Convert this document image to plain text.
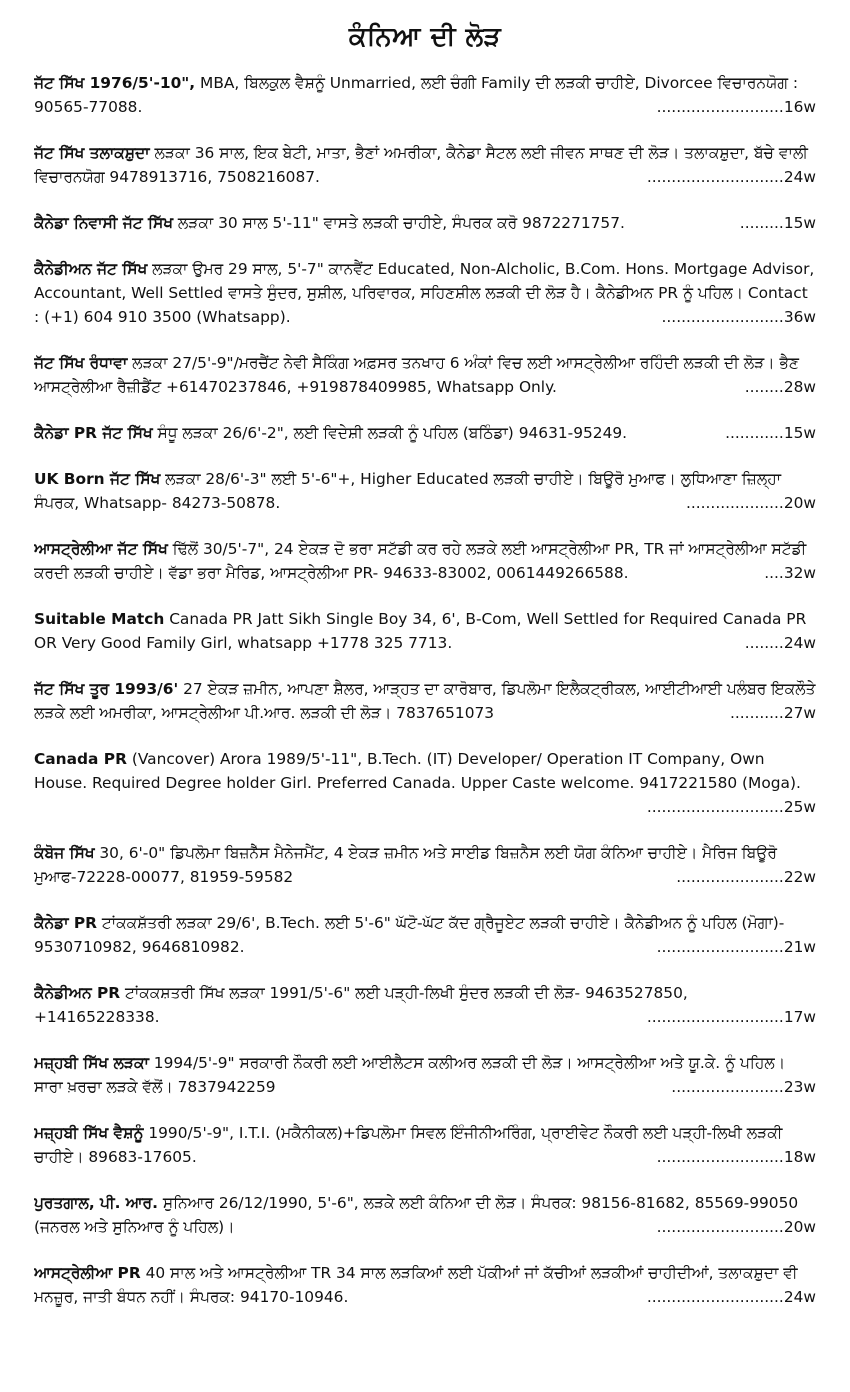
ਕੰਨਿਆ ਦੀ ਲੋੜ
ਜੱਟ ਸਿੱਖ 1976/5'-10", MBA, ਬਿਲਕੁਲ ਵੈਸ਼ਨੂੰ Unmarried, ਲਈ ਚੰਗੀ Family ਦੀ ਲੜਕੀ ਚਾਹੀਏ, Divorcee ਵਿਚਾਰਨਯੋਗ : 90565-77088.	..........................16w
ਜੱਟ ਸਿੱਖ ਤਲਾਕਸ਼ੁਦਾ ਲੜਕਾ 36 ਸਾਲ, ਇਕ ਬੇਟੀ, ਮਾਤਾ, ਭੈਣਾਂ ਅਮਰੀਕਾ, ਕੈਨੇਡਾ ਸੈਟਲ ਲਈ ਜੀਵਨ ਸਾਥਣ ਦੀ ਲੋੜ। ਤਲਾਕਸ਼ੁਦਾ, ਬੱਚੇ ਵਾਲੀ ਵਿਚਾਰਨਯੋਗ 9478913716, 7508216087.	............................24w
ਕੈਨੇਡਾ ਨਿਵਾਸੀ ਜੱਟ ਸਿੱਖ ਲੜਕਾ 30 ਸਾਲ 5'-11" ਵਾਸਤੇ ਲੜਕੀ ਚਾਹੀਏ, ਸੰਪਰਕ ਕਰੋ 9872271757.	.........15w
ਕੈਨੇਡੀਅਨ ਜੱਟ ਸਿੱਖ ਲੜਕਾ ਉਮਰ 29 ਸਾਲ, 5'-7" ਕਾਨਵੈਂਟ Educated, Non-Alcholic, B.Com. Hons. Mortgage Advisor, Accountant, Well Settled ਵਾਸਤੇ ਸੁੰਦਰ, ਸੁਸ਼ੀਲ, ਪਰਿਵਾਰਕ, ਸਹਿਣਸ਼ੀਲ ਲੜਕੀ ਦੀ ਲੋੜ ਹੈ। ਕੈਨੇਡੀਅਨ PR ਨੂੰ ਪਹਿਲ। Contact : (+1) 604 910 3500 (Whatsapp).	.........................36w
ਜੱਟ ਸਿੱਖ ਰੰਧਾਵਾ ਲੜਕਾ 27/5'-9"/ਮਰਚੈਂਟ ਨੇਵੀ ਸੈਕਿੰਗ ਅਫ਼ਸਰ ਤਨਖਾਹ 6 ਅੰਕਾਂ ਵਿਚ ਲਈ ਆਸਟ੍ਰੇਲੀਆ ਰਹਿੰਦੀ ਲੜਕੀ ਦੀ ਲੋੜ। ਭੈਣ ਆਸਟ੍ਰੇਲੀਆ ਰੈਜ਼ੀਡੈਂਟ +61470237846, +919878409985, Whatsapp Only.	........28w
ਕੈਨੇਡਾ PR ਜੱਟ ਸਿੱਖ ਸੰਧੂ ਲੜਕਾ 26/6'-2", ਲਈ ਵਿਦੇਸ਼ੀ ਲੜਕੀ ਨੂੰ ਪਹਿਲ (ਬਠਿੰਡਾ) 94631-95249.	............15w
UK Born ਜੱਟ ਸਿੱਖ ਲੜਕਾ 28/6'-3" ਲਈ 5'-6"+, Higher Educated ਲੜਕੀ ਚਾਹੀਏ। ਬਿਊਰੋ ਮੁਆਫ। ਲੁਧਿਆਣਾ ਜ਼ਿਲ੍ਹਾ ਸੰਪਰਕ, Whatsapp- 84273-50878.	....................20w
ਆਸਟ੍ਰੇਲੀਆ ਜੱਟ ਸਿੱਖ ਢਿੱਲੋਂ 30/5'-7", 24 ਏਕੜ ਦੋ ਭਰਾ ਸਟੱਡੀ ਕਰ ਰਹੇ ਲੜਕੇ ਲਈ ਆਸਟ੍ਰੇਲੀਆ PR, TR ਜਾਂ ਆਸਟ੍ਰੇਲੀਆ ਸਟੱਡੀ ਕਰਦੀ ਲੜਕੀ ਚਾਹੀਏ। ਵੱਡਾ ਭਰਾ ਮੈਰਿਡ, ਆਸਟ੍ਰੇਲੀਆ PR- 94633-83002, 0061449266588.	....32w
Suitable Match Canada PR Jatt Sikh Single Boy 34, 6', B-Com, Well Settled for Required Canada PR OR Very Good Family Girl, whatsapp +1778 325 7713.	........24w
ਜੱਟ ਸਿੱਖ ਤੂਰ 1993/6' 27 ਏਕੜ ਜ਼ਮੀਨ, ਆਪਣਾ ਸ਼ੈਲਰ, ਆੜ੍ਹਤ ਦਾ ਕਾਰੋਬਾਰ, ਡਿਪਲੋਮਾ ਇਲੈਕਟ੍ਰੀਕਲ, ਆਈਟੀਆਈ ਪਲੰਬਰ ਇਕਲੌਤੇ ਲੜਕੇ ਲਈ ਅਮਰੀਕਾ, ਆਸਟ੍ਰੇਲੀਆ ਪੀ.ਆਰ. ਲੜਕੀ ਦੀ ਲੋੜ। 7837651073	...........27w
Canada PR (Vancover) Arora 1989/5'-11", B.Tech. (IT) Developer/ Operation IT Company, Own House. Required Degree holder Girl. Preferred Canada. Upper Caste welcome. 9417221580 (Moga).
............................25w
ਕੰਬੋਜ ਸਿੱਖ 30, 6'-0" ਡਿਪਲੋਮਾ ਬਿਜ਼ਨੈੱਸ ਮੈਨੇਜਮੈਂਟ, 4 ਏਕੜ ਜ਼ਮੀਨ ਅਤੇ ਸਾਈਡ ਬਿਜ਼ਨੈਸ ਲਈ ਯੋਗ ਕੰਨਿਆ ਚਾਹੀਏ। ਮੈਰਿਜ ਬਿਊਰੋ ਮੁਆਫ-72228-00077, 81959-59582	......................22w
ਕੈਨੇਡਾ PR ਟਾਂਕਕਸ਼ੱਤਰੀ ਲੜਕਾ 29/6', B.Tech. ਲਈ 5'-6" ਘੱਟੋ-ਘੱਟ ਕੱਦ ਗ੍ਰੈਜੂਏਟ ਲੜਕੀ ਚਾਹੀਏ। ਕੈਨੇਡੀਅਨ ਨੂੰ ਪਹਿਲ (ਮੋਗਾ)- 9530710982, 9646810982.	..........................21w
ਕੈਨੇਡੀਅਨ PR ਟਾਂਕਕਸ਼ਤਰੀ ਸਿੱਖ ਲੜਕਾ 1991/5'-6" ਲਈ ਪੜ੍ਹੀ-ਲਿਖੀ ਸੁੰਦਰ ਲੜਕੀ ਦੀ ਲੋੜ- 9463527850, +14165228338.	............................17w
ਮਜ਼੍ਹਬੀ ਸਿੱਖ ਲੜਕਾ 1994/5'-9" ਸਰਕਾਰੀ ਨੌਕਰੀ ਲਈ ਆਈਲੈਟਸ ਕਲੀਅਰ ਲੜਕੀ ਦੀ ਲੋੜ। ਆਸਟ੍ਰੇਲੀਆ ਅਤੇ ਯੂ.ਕੇ. ਨੂੰ ਪਹਿਲ। ਸਾਰਾ ਖ਼ਰਚਾ ਲੜਕੇ ਵੱਲੋਂ। 7837942259	.......................23w
ਮਜ਼੍ਹਬੀ ਸਿੱਖ ਵੈਸ਼ਨੂੰ 1990/5'-9", I.T.I. (ਮਕੈਨੀਕਲ)+ਡਿਪਲੋਮਾ ਸਿਵਲ ਇੰਜੀਨੀਅਰਿੰਗ, ਪ੍ਰਾਈਵੇਟ ਨੌਕਰੀ ਲਈ ਪੜ੍ਹੀ-ਲਿਖੀ ਲੜਕੀ ਚਾਹੀਏ। 89683-17605.	..........................18w
ਪੁਰਤਗਾਲ, ਪੀ. ਆਰ. ਸੁਨਿਆਰ 26/12/1990, 5'-6", ਲੜਕੇ ਲਈ ਕੰਨਿਆ ਦੀ ਲੋੜ। ਸੰਪਰਕ: 98156-81682, 85569-99050 (ਜਨਰਲ ਅਤੇ ਸੁਨਿਆਰ ਨੂੰ ਪਹਿਲ)।	..........................20w
ਆਸਟ੍ਰੇਲੀਆ PR 40 ਸਾਲ ਅਤੇ ਆਸਟ੍ਰੇਲੀਆ TR 34 ਸਾਲ ਲੜਕਿਆਂ ਲਈ ਪੱਕੀਆਂ ਜਾਂ ਕੱਚੀਆਂ ਲੜਕੀਆਂ ਚਾਹੀਦੀਆਂ, ਤਲਾਕਸ਼ੁਦਾ ਵੀ ਮਨਜ਼ੂਰ, ਜਾਤੀ ਬੰਧਨ ਨਹੀਂ। ਸੰਪਰਕ: 94170-10946.	............................24w
